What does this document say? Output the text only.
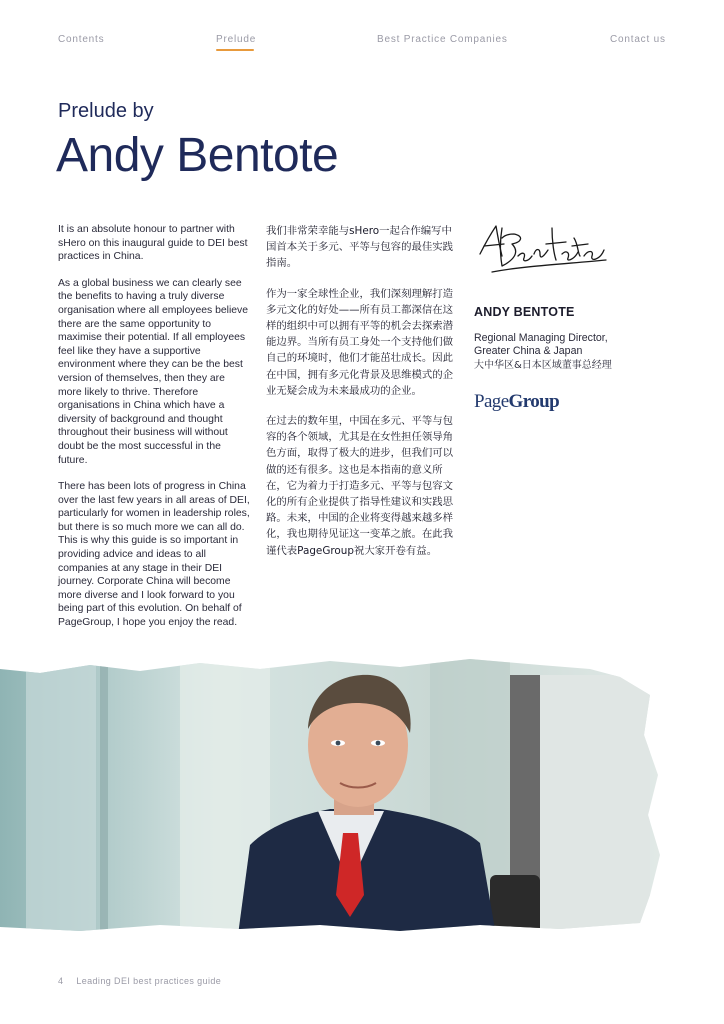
Contents	Prelude	Best Practice Companies	Contact us
Prelude by
Andy Bentote

It is an absolute honour to partner with sHero on this inaugural guide to DEI best practices in China.

As a global business we can clearly see the benefits to having a truly diverse organisation where all employees believe there are the same opportunity to maximise their potential. If all employees feel like they have a supportive environment where they can be the best version of themselves, then they are more likely to thrive. Therefore organisations in China which have a diversity of background and thought throughout their business will without doubt be the most successful in the future.

There has been lots of progress in China over the last few years in all areas of DEI, particularly for women in leadership roles, but there is so much more we can all do. This is why this guide is so important in providing advice and ideas to all companies at any stage in their DEI journey. Corporate China will become more diverse and I look forward to you being part of this evolution. On behalf of PageGroup, I hope you enjoy the read.

我们非常荣幸能与sHero一起合作编写中国首本关于多元、平等与包容的最佳实践指南。

作为一家全球性企业，我们深刻理解打造多元文化的好处——所有员工都深信在这样的组织中可以拥有平等的机会去探索潜能边界。当所有员工身处一个支持他们做自己的环境时，他们才能茁壮成长。因此在中国，拥有多元化背景及思维模式的企业无疑会成为未来最成功的企业。

在过去的数年里，中国在多元、平等与包容的各个领域，尤其是在女性担任领导角色方面，取得了极大的进步，但我们可以做的还有很多。这也是本指南的意义所在，它为着力于打造多元、平等与包容文化的所有企业提供了指导性建议和实践思路。未来，中国的企业将变得越来越多样化，我也期待见证这一变革之旅。在此我谨代表PageGroup祝大家开卷有益。

ANDY BENTOTE
Regional Managing Director,
Greater China & Japan
大中华区&日本区域董事总经理
PageGroup
4 Leading DEI best practices guide
